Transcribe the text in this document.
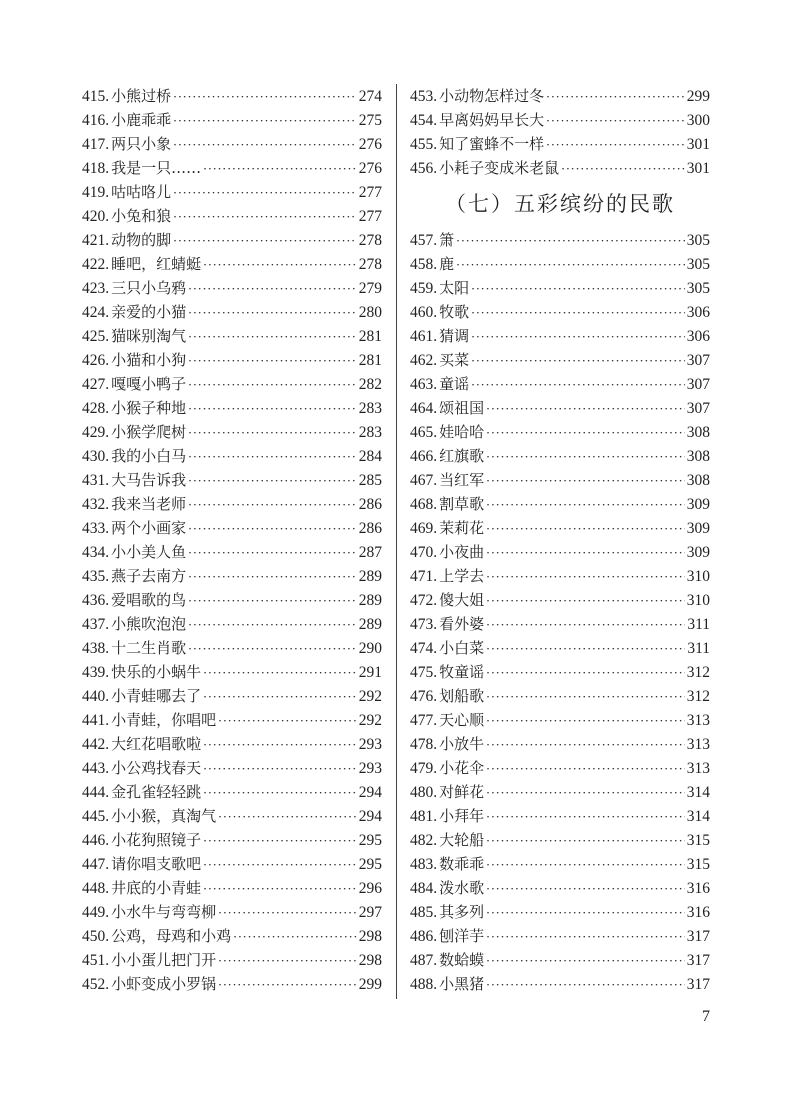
415. 小熊过桥 ·····	274
416. 小鹿乖乖 ·····	275
417. 两只小象 ·····	276
418. 我是一只…… ·····	276
419. 咕咕咯儿 ·····	277
420. 小兔和狼 ·····	277
421. 动物的脚 ·····	278
422. 睡吧，红蜻蜓 ·····	278
423. 三只小乌鸦 ·····	279
424. 亲爱的小猫 ·····	280
425. 猫咪别淘气 ·····	281
426. 小猫和小狗 ·····	281
427. 嘎嘎小鸭子 ·····	282
428. 小猴子种地 ·····	283
429. 小猴学爬树 ·····	283
430. 我的小白马 ·····	284
431. 大马告诉我 ·····	285
432. 我来当老师 ·····	286
433. 两个小画家 ·····	286
434. 小小美人鱼 ·····	287
435. 燕子去南方 ·····	289
436. 爱唱歌的鸟 ·····	289
437. 小熊吹泡泡 ·····	289
438. 十二生肖歌 ·····	290
439. 快乐的小蜗牛 ·····	291
440. 小青蛙哪去了 ·····	292
441. 小青蛙，你唱吧 ·····	292
442. 大红花唱歌啦 ·····	293
443. 小公鸡找春天 ·····	293
444. 金孔雀轻轻跳 ·····	294
445. 小小猴，真淘气 ·····	294
446. 小花狗照镜子 ·····	295
447. 请你唱支歌吧 ·····	295
448. 井底的小青蛙 ·····	296
449. 小水牛与弯弯柳 ·····	297
450. 公鸡，母鸡和小鸡 ·····	298
451. 小小蛋儿把门开 ·····	298
452. 小虾变成小罗锅 ·····	299
453. 小动物怎样过冬 ·····	299
454. 早离妈妈早长大 ·····	300
455. 知了蜜蜂不一样 ·····	301
456. 小耗子变成米老鼠 ·····	301
（七）五彩缤纷的民歌
457. 箫 ·····	305
458. 鹿 ·····	305
459. 太阳 ·····	305
460. 牧歌 ·····	306
461. 猜调 ·····	306
462. 买菜 ·····	307
463. 童谣 ·····	307
464. 颂祖国 ·····	307
465. 娃哈哈 ·····	308
466. 红旗歌 ·····	308
467. 当红军 ·····	308
468. 割草歌 ·····	309
469. 茉莉花 ·····	309
470. 小夜曲 ·····	309
471. 上学去 ·····	310
472. 傻大姐 ·····	310
473. 看外婆 ·····	311
474. 小白菜 ·····	311
475. 牧童谣 ·····	312
476. 划船歌 ·····	312
477. 天心顺 ·····	313
478. 小放牛 ·····	313
479. 小花伞 ·····	313
480. 对鲜花 ·····	314
481. 小拜年 ·····	314
482. 大轮船 ·····	315
483. 数乖乖 ·····	315
484. 泼水歌 ·····	316
485. 其多列 ·····	316
486. 刨洋芋 ·····	317
487. 数蛤蟆 ·····	317
488. 小黑猪 ·····	317
7
